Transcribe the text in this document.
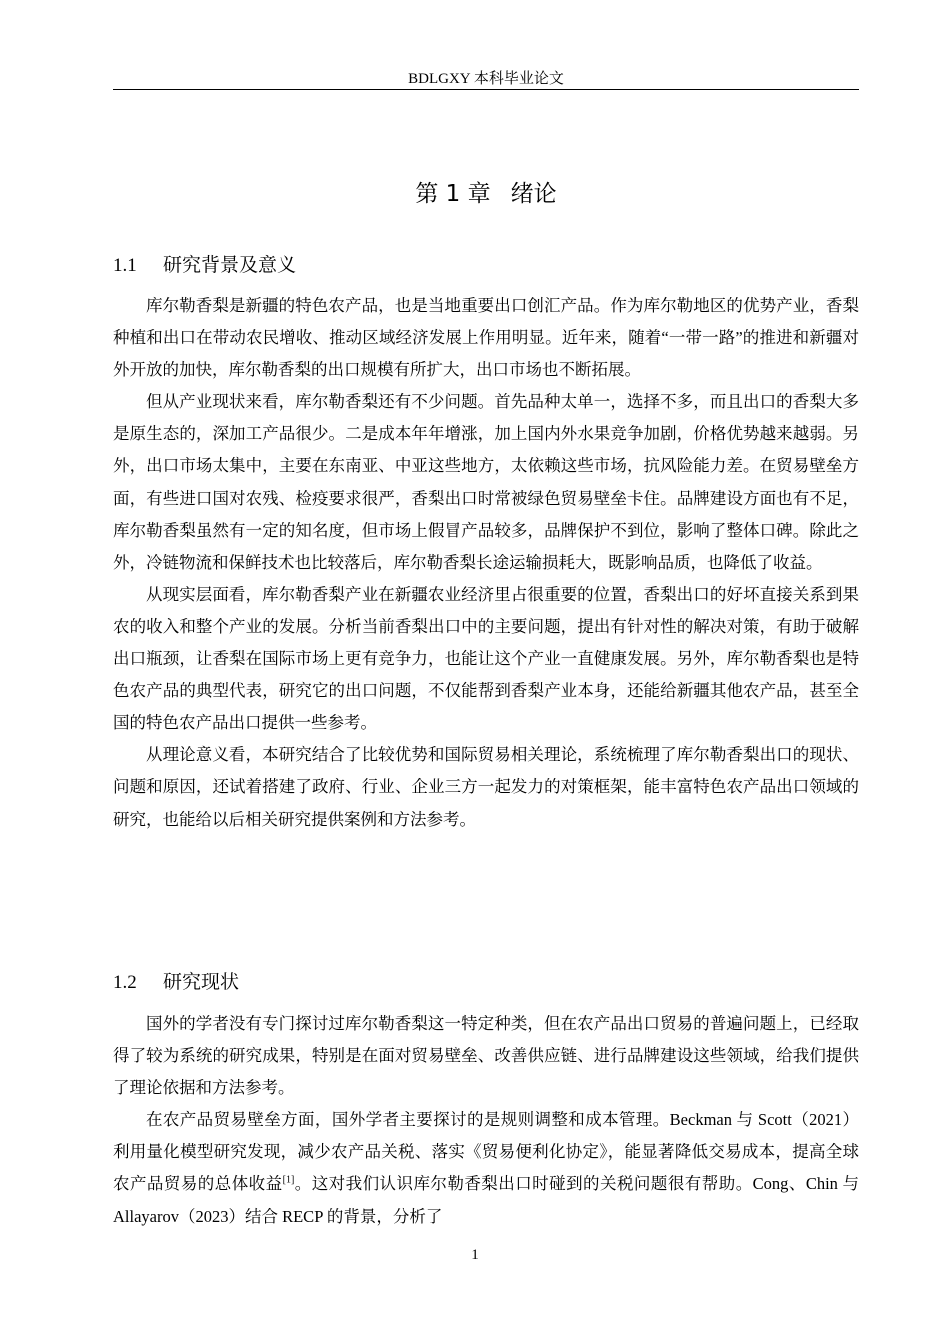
BDLGXY 本科毕业论文
第 1 章 绪论
1.1 研究背景及意义

库尔勒香梨是新疆的特色农产品，也是当地重要出口创汇产品。作为库尔勒地区的优势产业，香梨种植和出口在带动农民增收、推动区域经济发展上作用明显。近年来，随着“一带一路”的推进和新疆对外开放的加快，库尔勒香梨的出口规模有所扩大，出口市场也不断拓展。

但从产业现状来看，库尔勒香梨还有不少问题。首先品种太单一，选择不多，而且出口的香梨大多是原生态的，深加工产品很少。二是成本年年增涨，加上国内外水果竞争加剧，价格优势越来越弱。另外，出口市场太集中，主要在东南亚、中亚这些地方，太依赖这些市场，抗风险能力差。在贸易壁垒方面，有些进口国对农残、检疫要求很严，香梨出口时常被绿色贸易壁垒卡住。品牌建设方面也有不足，库尔勒香梨虽然有一定的知名度，但市场上假冒产品较多，品牌保护不到位，影响了整体口碑。除此之外，冷链物流和保鲜技术也比较落后，库尔勒香梨长途运输损耗大，既影响品质，也降低了收益。

从现实层面看，库尔勒香梨产业在新疆农业经济里占很重要的位置，香梨出口的好坏直接关系到果农的收入和整个产业的发展。分析当前香梨出口中的主要问题，提出有针对性的解决对策，有助于破解出口瓶颈，让香梨在国际市场上更有竞争力，也能让这个产业一直健康发展。另外，库尔勒香梨也是特色农产品的典型代表，研究它的出口问题，不仅能帮到香梨产业本身，还能给新疆其他农产品，甚至全国的特色农产品出口提供一些参考。

从理论意义看，本研究结合了比较优势和国际贸易相关理论，系统梳理了库尔勒香梨出口的现状、问题和原因，还试着搭建了政府、行业、企业三方一起发力的对策框架，能丰富特色农产品出口领域的研究，也能给以后相关研究提供案例和方法参考。

1.2 研究现状

国外的学者没有专门探讨过库尔勒香梨这一特定种类，但在农产品出口贸易的普遍问题上，已经取得了较为系统的研究成果，特别是在面对贸易壁垒、改善供应链、进行品牌建设这些领域，给我们提供了理论依据和方法参考。

在农产品贸易壁垒方面，国外学者主要探讨的是规则调整和成本管理。Beckman 与 Scott（2021）利用量化模型研究发现，减少农产品关税、落实《贸易便利化协定》，能显著降低交易成本，提高全球农产品贸易的总体收益[1]。这对我们认识库尔勒香梨出口时碰到的关税问题很有帮助。Cong、Chin 与 Allayarov（2023）结合 RECP 的背景，分析了

1
